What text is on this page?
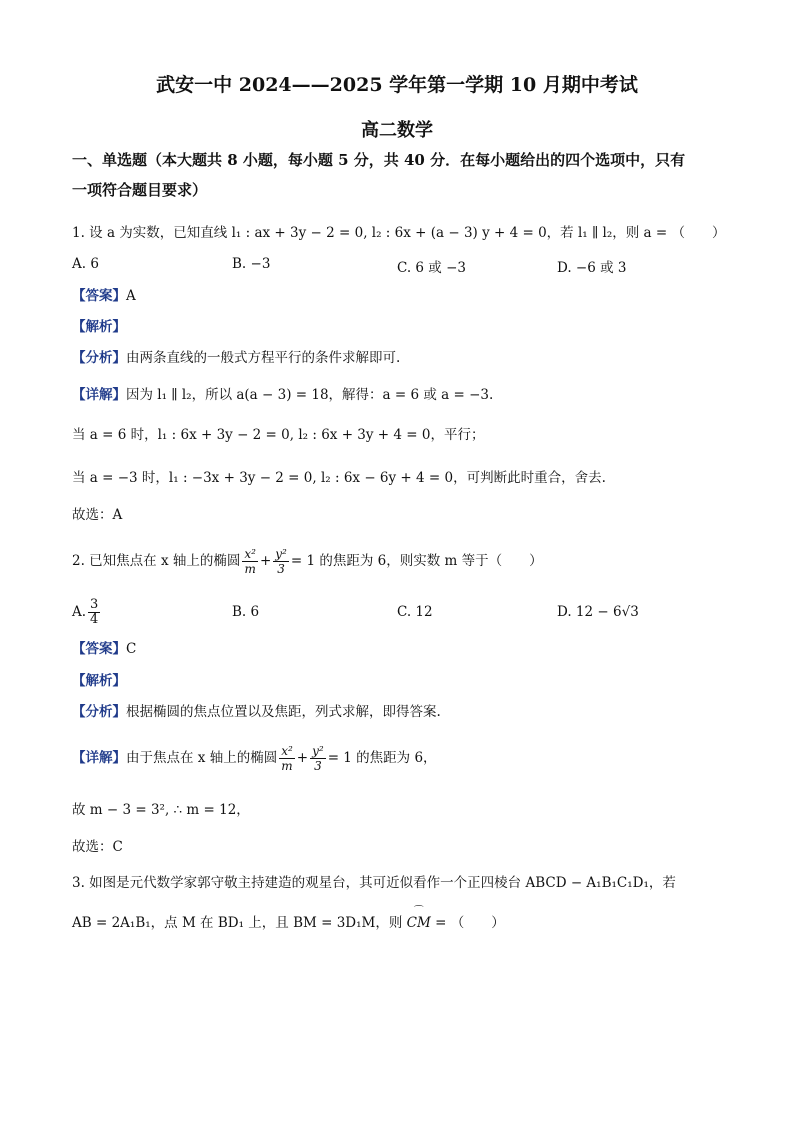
武安一中 2024——2025 学年第一学期 10 月期中考试
高二数学
一、单选题（本大题共 8 小题，每小题 5 分，共 40 分．在每小题给出的四个选项中，只有
一项符合题目要求）
1. 设 a 为实数，已知直线 l₁ : ax + 3y − 2 = 0, l₂ : 6x + (a − 3) y + 4 = 0，若 l₁ ∥ l₂，则 a = （　　）
A. 6	B. −3	C. 6 或 −3	D. −6 或 3
【答案】A
【解析】
【分析】由两条直线的一般式方程平行的条件求解即可.
【详解】因为 l₁ ∥ l₂，所以 a(a − 3) = 18，解得：a = 6 或 a = −3.
当 a = 6 时，l₁ : 6x + 3y − 2 = 0, l₂ : 6x + 3y + 4 = 0，平行；
当 a = −3 时，l₁ : −3x + 3y − 2 = 0, l₂ : 6x − 6y + 4 = 0，可判断此时重合，舍去.
故选：A
2. 已知焦点在 x 轴上的椭圆 $\frac{\text{x²}}{m} + \frac{\text{y²}}{3} = 1$ 的焦距为 6，则实数 m 等于（　　）
A. $\frac{3}{4}$	B. 6	C. 12	D. 12 − 6√3
【答案】C
【解析】
【分析】根据椭圆的焦点位置以及焦距，列式求解，即得答案.
【详解】由于焦点在 x 轴上的椭圆 $\frac{\text{x²}}{m} + \frac{\text{y²}}{3} = 1$ 的焦距为 6，
故 m − 3 = 3², ∴ m = 12，
故选：C
3. 如图是元代数学家郭守敬主持建造的观星台，其可近似看作一个正四棱台 ABCD − A₁B₁C₁D₁，若
AB = 2A₁B₁，点 M 在 BD₁ 上，且 BM = 3D₁M，则 ⌒ CM = （　　）
